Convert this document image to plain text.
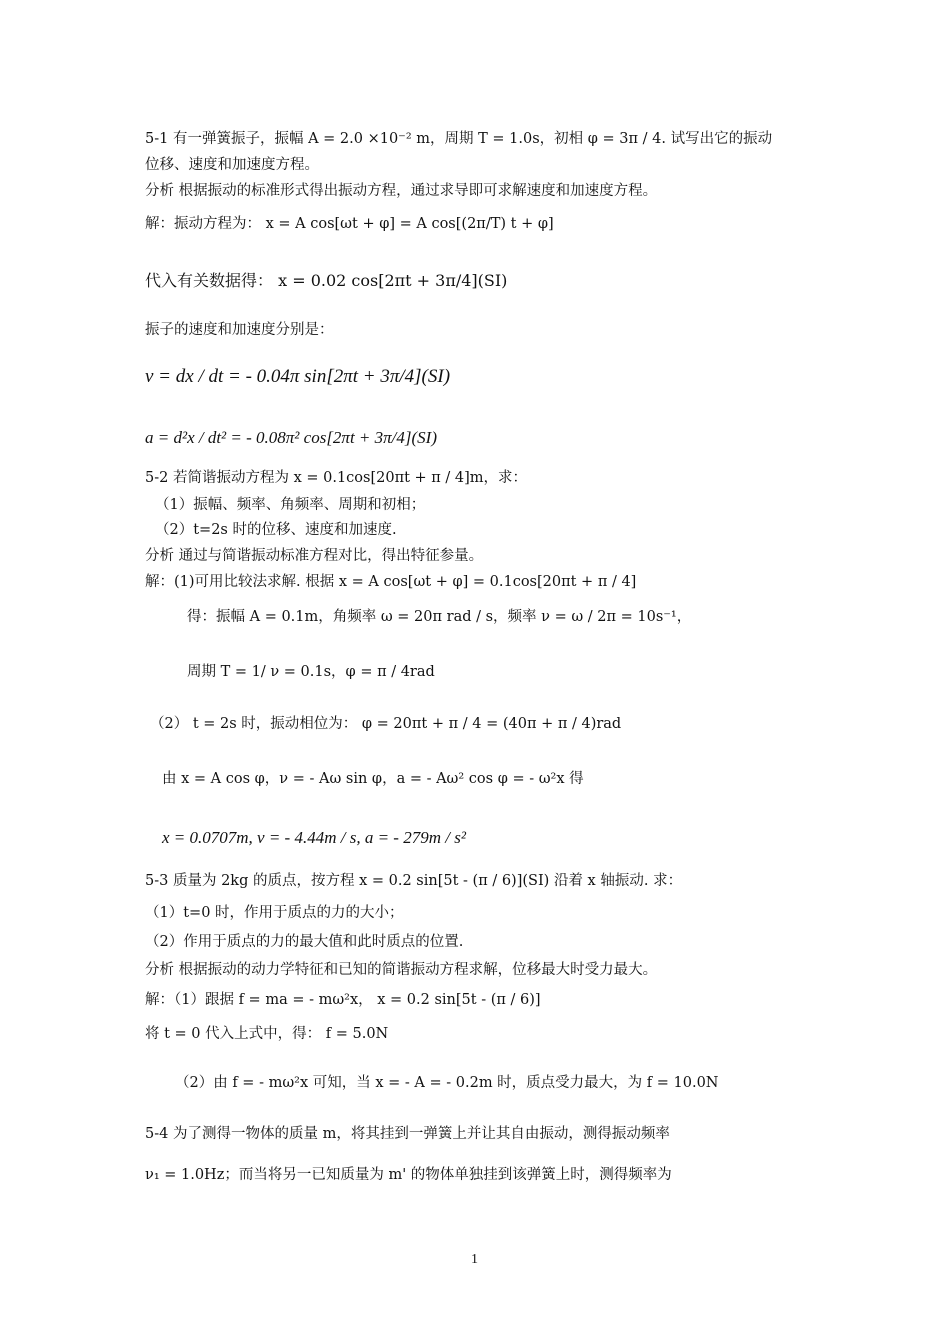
5-1 有一弹簧振子，振幅 A = 2.0 ×10⁻² m，周期 T = 1.0s，初相 φ = 3π / 4. 试写出它的振动
位移、速度和加速度方程。
分析 根据振动的标准形式得出振动方程，通过求导即可求解速度和加速度方程。
解：振动方程为： x = A cos[ωt + φ] = A cos[(2π/T) t + φ]
代入有关数据得： x = 0.02 cos[2πt + 3π/4](SI)
振子的速度和加速度分别是：
v = dx / dt = - 0.04π sin[2πt + 3π/4](SI)
a = d²x / dt² = - 0.08π² cos[2πt + 3π/4](SI)
5-2 若简谐振动方程为 x = 0.1cos[20πt + π / 4]m，求：
（1）振幅、频率、角频率、周期和初相；
（2）t=2s 时的位移、速度和加速度.
分析 通过与简谐振动标准方程对比，得出特征参量。
解：(1)可用比较法求解. 根据 x = A cos[ωt + φ] = 0.1cos[20πt + π / 4]
得：振幅 A = 0.1m，角频率 ω = 20π rad / s，频率 ν = ω / 2π = 10s⁻¹，
周期 T = 1/ ν = 0.1s，φ = π / 4rad
（2） t = 2s 时，振动相位为： φ = 20πt + π / 4 = (40π + π / 4)rad
由 x = A cos φ，ν = - Aω sin φ，a = - Aω² cos φ = - ω²x 得
x = 0.0707m, ν = - 4.44m / s, a = - 279m / s²
5-3 质量为 2kg 的质点，按方程 x = 0.2 sin[5t - (π / 6)](SI) 沿着 x 轴振动. 求：
（1）t=0 时，作用于质点的力的大小；
（2）作用于质点的力的最大值和此时质点的位置.
分析 根据振动的动力学特征和已知的简谐振动方程求解，位移最大时受力最大。
解：（1）跟据 f = ma = - mω²x， x = 0.2 sin[5t - (π / 6)]
将 t = 0 代入上式中，得： f = 5.0N
（2）由 f = - mω²x 可知，当 x = - A = - 0.2m 时，质点受力最大，为 f = 10.0N
5-4 为了测得一物体的质量 m，将其挂到一弹簧上并让其自由振动，测得振动频率
ν₁ = 1.0Hz；而当将另一已知质量为 m' 的物体单独挂到该弹簧上时，测得频率为
1
